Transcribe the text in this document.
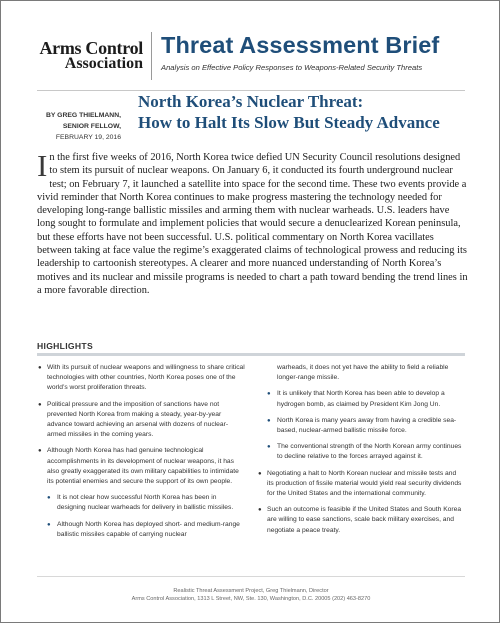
Arms Control
Association
Threat Assessment Brief
Analysis on Effective Policy Responses to Weapons-Related Security Threats
BY GREG THIELMANN,
SENIOR FELLOW,
FEBRUARY 19, 2016
North Korea’s Nuclear Threat:
How to Halt Its Slow But Steady Advance
In the first five weeks of 2016, North Korea twice defied UN Security Council resolutions designed to stem its pursuit of nuclear weapons. On January 6, it conducted its fourth underground nuclear test; on February 7, it launched a satellite into space for the second time. These two events provide a vivid reminder that North Korea continues to make progress mastering the technology needed for developing long-range ballistic missiles and arming them with nuclear warheads. U.S. leaders have long sought to formulate and implement policies that would secure a denuclearized Korean peninsula, but these efforts have not been successful. U.S. political commentary on North Korea vacillates between taking at face value the regime’s exaggerated claims of technological prowess and reducing its leadership to cartoonish stereotypes. A clearer and more nuanced understanding of North Korea’s motives and its nuclear and missile programs is needed to chart a path toward bending the trend lines in a more favorable direction.
HIGHLIGHTS
● With its pursuit of nuclear weapons and willingness to share critical technologies with other countries, North Korea poses one of the world’s worst proliferation threats.
● Political pressure and the imposition of sanctions have not prevented North Korea from making a steady, year-by-year advance toward achieving an arsenal with dozens of nuclear-armed missiles in the coming years.
● Although North Korea has had genuine technological accomplishments in its development of nuclear weapons, it has also greatly exaggerated its own military capabilities to intimidate its potential enemies and secure the support of its own people.
● It is not clear how successful North Korea has been in designing nuclear warheads for delivery in ballistic missiles.
● Although North Korea has deployed short- and medium-range ballistic missiles capable of carrying nuclear
warheads, it does not yet have the ability to field a reliable longer-range missile.
● It is unlikely that North Korea has been able to develop a hydrogen bomb, as claimed by President Kim Jong Un.
● North Korea is many years away from having a credible sea-based, nuclear-armed ballistic missile force.
● The conventional strength of the North Korean army continues to decline relative to the forces arrayed against it.
● Negotiating a halt to North Korean nuclear and missile tests and its production of fissile material would yield real security dividends for the United States and the international community.
● Such an outcome is feasible if the United States and South Korea are willing to ease sanctions, scale back military exercises, and negotiate a peace treaty.
Realistic Threat Assessment Project, Greg Thielmann, Director
Arms Control Association, 1313 L Street, NW, Ste. 130, Washington, D.C. 20005 (202) 463-8270
